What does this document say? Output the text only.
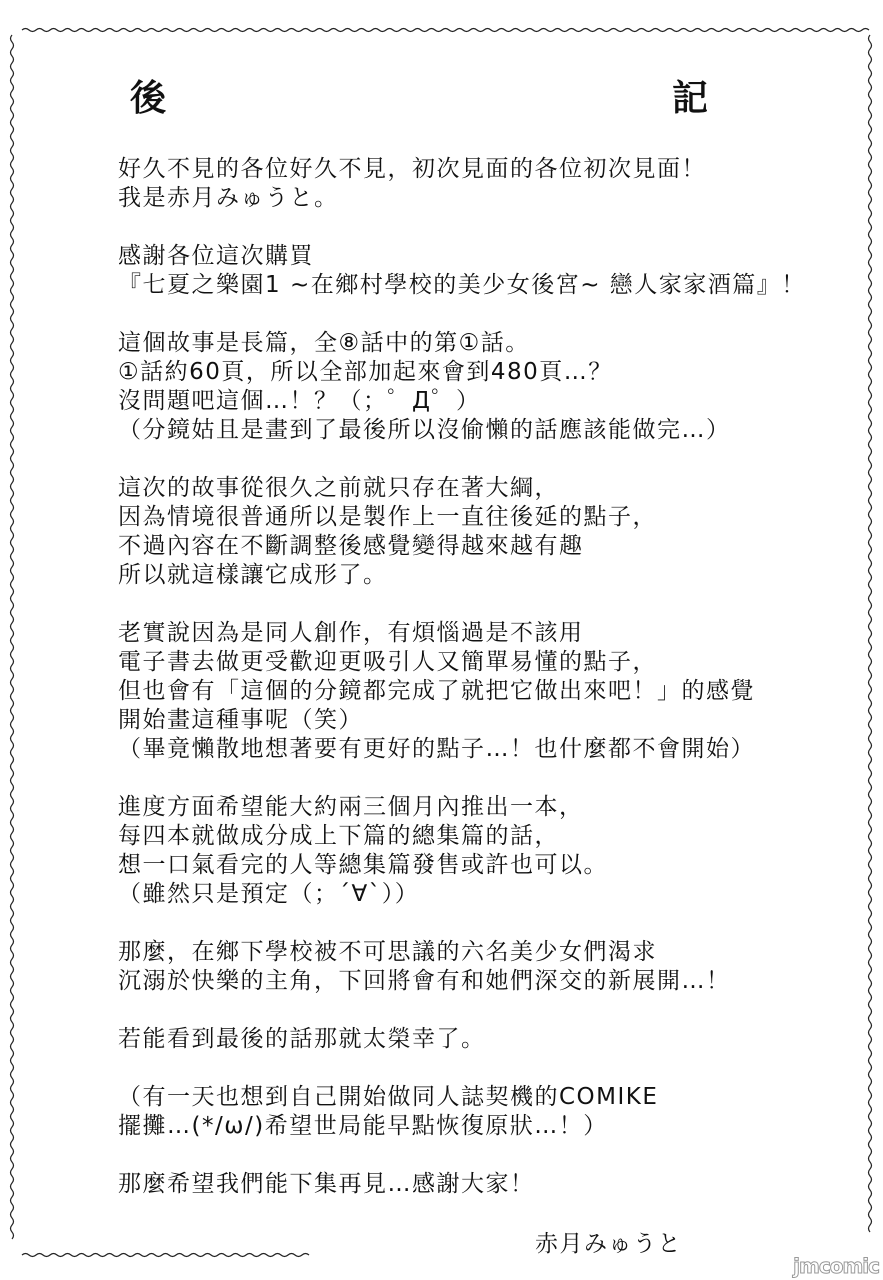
後	記
好久不見的各位好久不見，初次見面的各位初次見面！
我是赤月みゅうと。
感謝各位這次購買
『七夏之樂園1 ~在鄉村學校的美少女後宮~ 戀人家家酒篇』！
這個故事是長篇，全⑧話中的第①話。
①話約60頁，所以全部加起來會到480頁…？
沒問題吧這個…！？（；゜Д゜）
（分鏡姑且是畫到了最後所以沒偷懶的話應該能做完…）
這次的故事從很久之前就只存在著大綱，
因為情境很普通所以是製作上一直往後延的點子，
不過內容在不斷調整後感覺變得越來越有趣
所以就這樣讓它成形了。
老實說因為是同人創作，有煩惱過是不該用
電子書去做更受歡迎更吸引人又簡單易懂的點子，
但也會有「這個的分鏡都完成了就把它做出來吧！」的感覺
開始畫這種事呢（笑）
（畢竟懶散地想著要有更好的點子…！也什麼都不會開始）
進度方面希望能大約兩三個月內推出一本，
每四本就做成分成上下篇的總集篇的話，
想一口氣看完的人等總集篇發售或許也可以。
（雖然只是預定（；´∀`））
那麼，在鄉下學校被不可思議的六名美少女們渴求
沉溺於快樂的主角，下回將會有和她們深交的新展開…！
若能看到最後的話那就太榮幸了。
（有一天也想到自己開始做同人誌契機的COMIKE
擺攤…(*/ω/)希望世局能早點恢復原狀…！）
那麼希望我們能下集再見…感謝大家！
赤月みゅうと
jmcomic
